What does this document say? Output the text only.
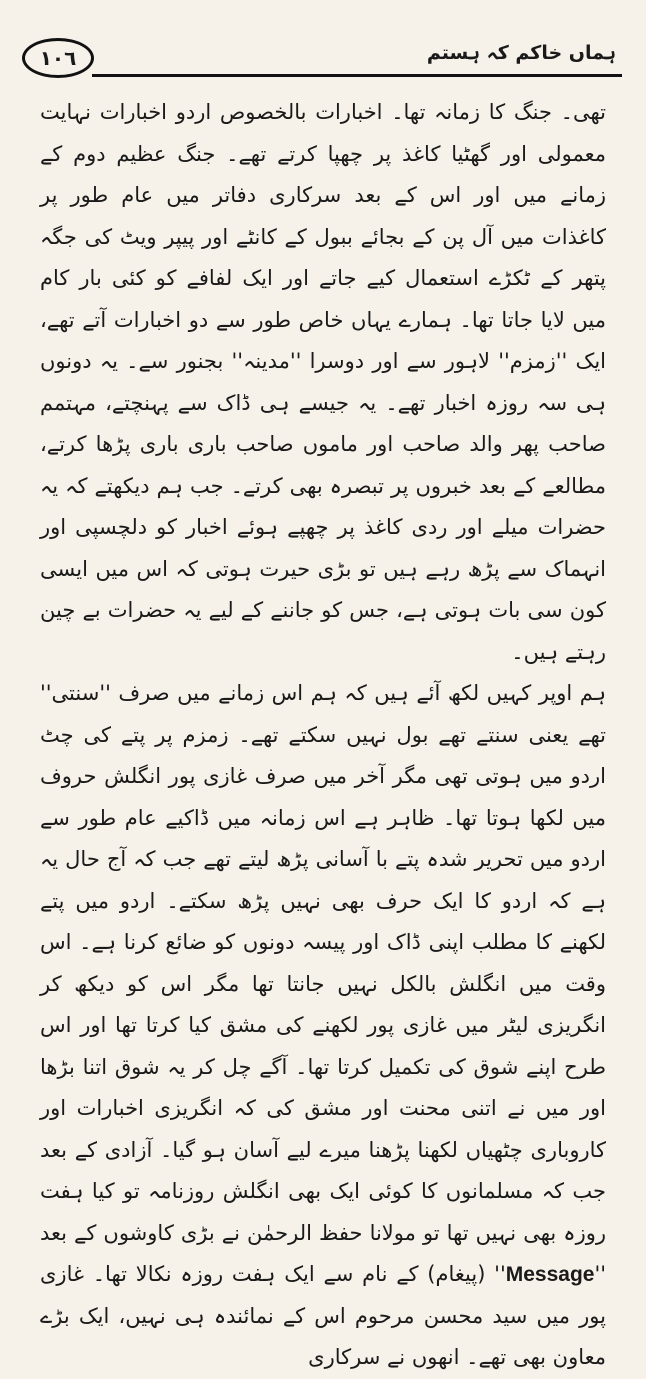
١٠٦	ہماں خاکم کہ ہستم

تھی۔ جنگ کا زمانہ تھا۔ اخبارات بالخصوص اردو اخبارات نہایت معمولی اور گھٹیا کاغذ پر چھپا کرتے تھے۔ جنگ عظیم دوم کے زمانے میں اور اس کے بعد سرکاری دفاتر میں عام طور پر کاغذات میں آل پن کے بجائے ببول کے کانٹے اور پیپر ویٹ کی جگہ پتھر کے ٹکڑے استعمال کیے جاتے اور ایک لفافے کو کئی بار کام میں لایا جاتا تھا۔ ہمارے یہاں خاص طور سے دو اخبارات آتے تھے، ایک ''زمزم'' لاہور سے اور دوسرا ''مدینہ'' بجنور سے۔ یہ دونوں ہی سہ روزہ اخبار تھے۔ یہ جیسے ہی ڈاک سے پہنچتے، مہتمم صاحب پھر والد صاحب اور ماموں صاحب باری باری پڑھا کرتے، مطالعے کے بعد خبروں پر تبصرہ بھی کرتے۔ جب ہم دیکھتے کہ یہ حضرات میلے اور ردی کاغذ پر چھپے ہوئے اخبار کو دلچسپی اور انہماک سے پڑھ رہے ہیں تو بڑی حیرت ہوتی کہ اس میں ایسی کون سی بات ہوتی ہے، جس کو جاننے کے لیے یہ حضرات بے چین رہتے ہیں۔

ہم اوپر کہیں لکھ آئے ہیں کہ ہم اس زمانے میں صرف ''سنتی'' تھے یعنی سنتے تھے بول نہیں سکتے تھے۔ زمزم پر پتے کی چٹ اردو میں ہوتی تھی مگر آخر میں صرف غازی پور انگلش حروف میں لکھا ہوتا تھا۔ ظاہر ہے اس زمانہ میں ڈاکیے عام طور سے اردو میں تحریر شدہ پتے با آسانی پڑھ لیتے تھے جب کہ آج حال یہ ہے کہ اردو کا ایک حرف بھی نہیں پڑھ سکتے۔ اردو میں پتے لکھنے کا مطلب اپنی ڈاک اور پیسہ دونوں کو ضائع کرنا ہے۔ اس وقت میں انگلش بالکل نہیں جانتا تھا مگر اس کو دیکھ کر انگریزی لیٹر میں غازی پور لکھنے کی مشق کیا کرتا تھا اور اس طرح اپنے شوق کی تکمیل کرتا تھا۔ آگے چل کر یہ شوق اتنا بڑھا اور میں نے اتنی محنت اور مشق کی کہ انگریزی اخبارات اور کاروباری چٹھیاں لکھنا پڑھنا میرے لیے آسان ہو گیا۔ آزادی کے بعد جب کہ مسلمانوں کا کوئی ایک بھی انگلش روزنامہ تو کیا ہفت روزہ بھی نہیں تھا تو مولانا حفظ الرحمٰن نے بڑی کاوشوں کے بعد ''Message'' (پیغام) کے نام سے ایک ہفت روزہ نکالا تھا۔ غازی پور میں سید محسن مرحوم اس کے نمائندہ ہی نہیں، ایک بڑے معاون بھی تھے۔ انھوں نے سرکاری
